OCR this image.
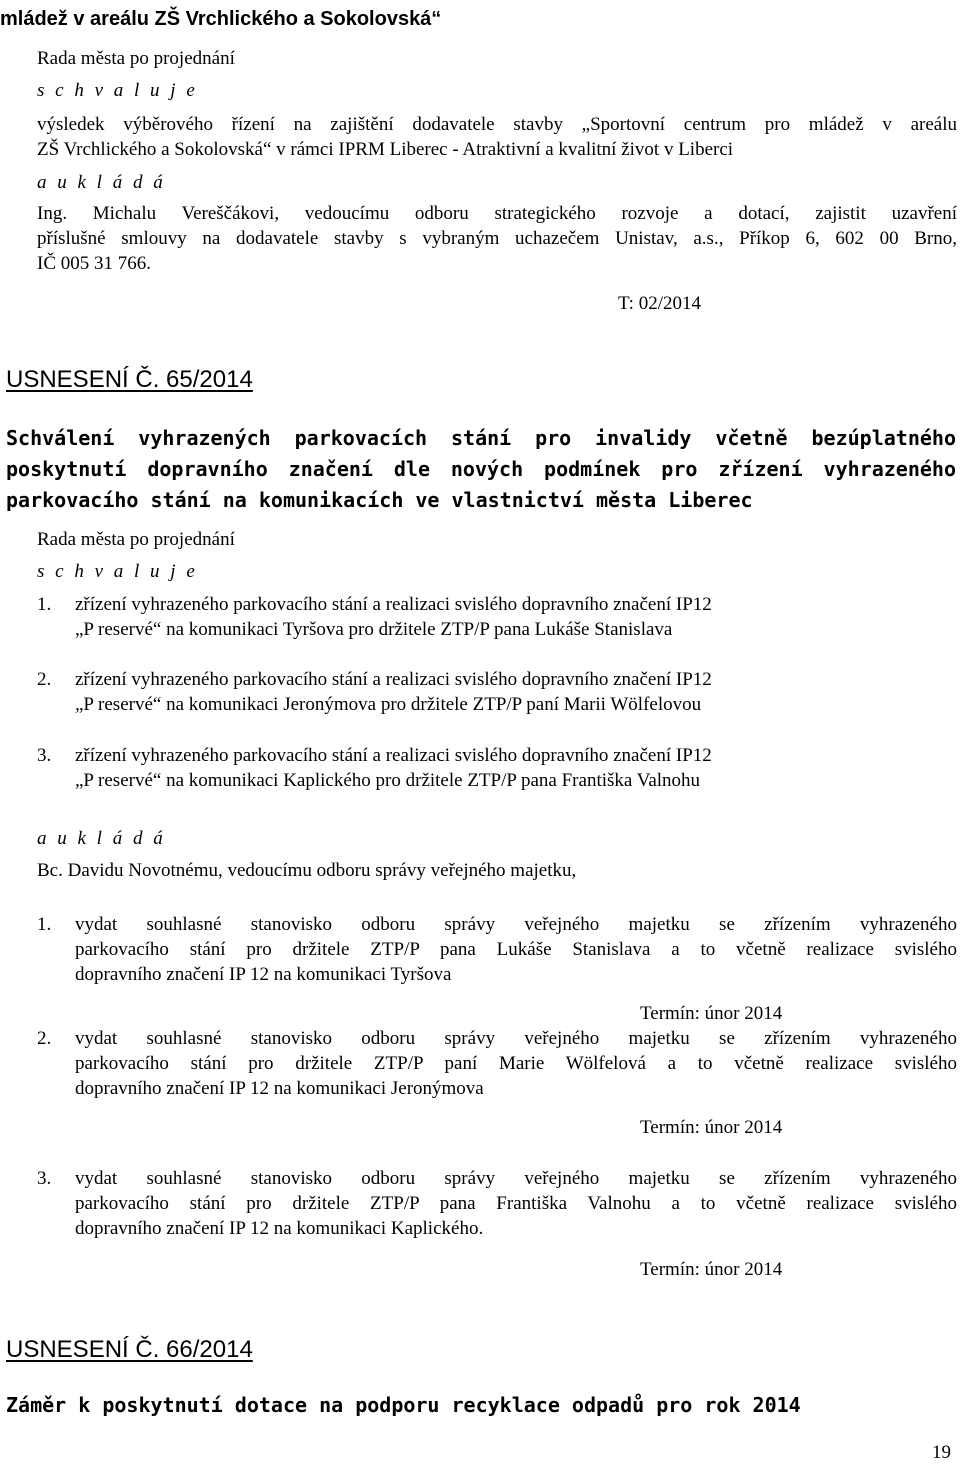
mládež v areálu ZŠ Vrchlického a Sokolovská“
Rada města po projednání
s c h v a l u j e
výsledek výběrového řízení na zajištění dodavatele stavby „Sportovní centrum pro mládež v areálu
ZŠ Vrchlického a Sokolovská“ v rámci IPRM Liberec - Atraktivní a kvalitní život v Liberci
a u k l á d á
Ing. Michalu Vereščákovi, vedoucímu odboru strategického rozvoje a dotací, zajistit uzavření
příslušné smlouvy na dodavatele stavby s vybraným uchazečem Unistav, a.s., Příkop 6, 602 00 Brno,
IČ 005 31 766.
T: 02/2014
USNESENÍ Č. 65/2014
Schválení vyhrazených parkovacích stání pro invalidy včetně bezúplatného
poskytnutí dopravního značení dle nových podmínek pro zřízení vyhrazeného
parkovacího stání na komunikacích ve vlastnictví města Liberec
Rada města po projednání
s c h v a l u j e
1. zřízení vyhrazeného parkovacího stání a realizaci svislého dopravního značení IP12
„P reservé“ na komunikaci Tyršova pro držitele ZTP/P pana Lukáše Stanislava
2. zřízení vyhrazeného parkovacího stání a realizaci svislého dopravního značení IP12
„P reservé“ na komunikaci Jeronýmova pro držitele ZTP/P paní Marii Wölfelovou
3. zřízení vyhrazeného parkovacího stání a realizaci svislého dopravního značení IP12
„P reservé“ na komunikaci Kaplického pro držitele ZTP/P pana Františka Valnohu
a u k l á d á
Bc. Davidu Novotnému, vedoucímu odboru správy veřejného majetku,
1. vydat souhlasné stanovisko odboru správy veřejného majetku se zřízením vyhrazeného
parkovacího stání pro držitele ZTP/P pana Lukáše Stanislava a to včetně realizace svislého
dopravního značení IP 12 na komunikaci Tyršova
Termín: únor 2014
2. vydat souhlasné stanovisko odboru správy veřejného majetku se zřízením vyhrazeného
parkovacího stání pro držitele ZTP/P paní Marie Wölfelová a to včetně realizace svislého
dopravního značení IP 12 na komunikaci Jeronýmova
Termín: únor 2014
3. vydat souhlasné stanovisko odboru správy veřejného majetku se zřízením vyhrazeného
parkovacího stání pro držitele ZTP/P pana Františka Valnohu a to včetně realizace svislého
dopravního značení IP 12 na komunikaci Kaplického.
Termín: únor 2014
USNESENÍ Č. 66/2014
Záměr k poskytnutí dotace na podporu recyklace odpadů pro rok 2014
19
